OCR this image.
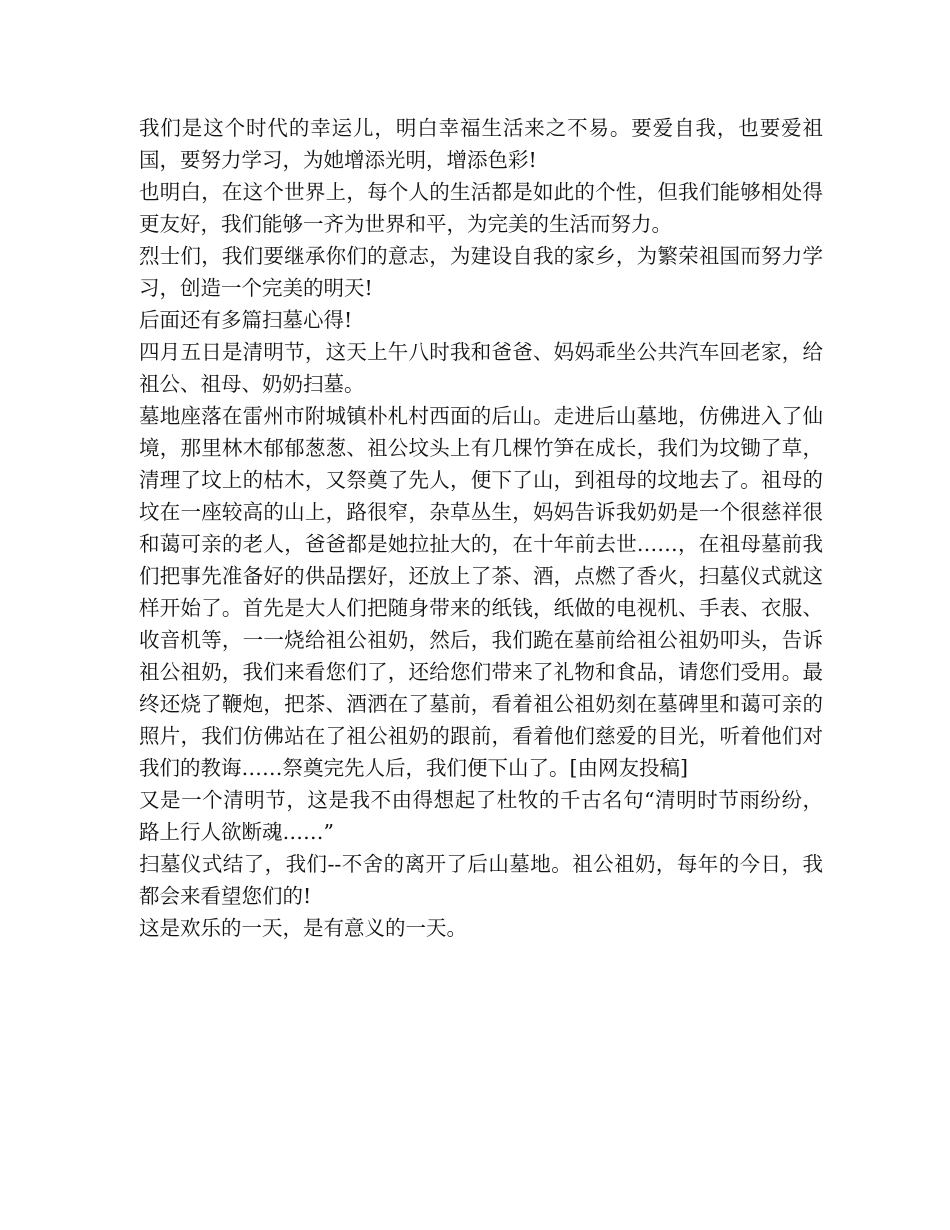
我们是这个时代的幸运儿，明白幸福生活来之不易。要爱自我，也要爱祖国，要努力学习，为她增添光明，增添色彩!

也明白，在这个世界上，每个人的生活都是如此的个性，但我们能够相处得更友好，我们能够一齐为世界和平，为完美的生活而努力。

烈士们，我们要继承你们的意志，为建设自我的家乡，为繁荣祖国而努力学习，创造一个完美的明天!

后面还有多篇扫墓心得!

四月五日是清明节，这天上午八时我和爸爸、妈妈乖坐公共汽车回老家，给祖公、祖母、奶奶扫墓。

墓地座落在雷州市附城镇朴札村西面的后山。走进后山墓地，仿佛进入了仙境，那里林木郁郁葱葱、祖公坟头上有几棵竹笋在成长，我们为坟锄了草，清理了坟上的枯木，又祭奠了先人，便下了山，到祖母的坟地去了。祖母的坟在一座较高的山上，路很窄，杂草丛生，妈妈告诉我奶奶是一个很慈祥很和蔼可亲的老人，爸爸都是她拉扯大的，在十年前去世……，在祖母墓前我们把事先准备好的供品摆好，还放上了茶、酒，点燃了香火，扫墓仪式就这样开始了。首先是大人们把随身带来的纸钱，纸做的电视机、手表、衣服、收音机等，一一烧给祖公祖奶，然后，我们跪在墓前给祖公祖奶叩头，告诉祖公祖奶，我们来看您们了，还给您们带来了礼物和食品，请您们受用。最终还烧了鞭炮，把茶、酒洒在了墓前，看着祖公祖奶刻在墓碑里和蔼可亲的照片，我们仿佛站在了祖公祖奶的跟前，看着他们慈爱的目光，听着他们对我们的教诲……祭奠完先人后，我们便下山了。[由网友投稿]

又是一个清明节，这是我不由得想起了杜牧的千古名句“清明时节雨纷纷，路上行人欲断魂……”

扫墓仪式结了，我们--不舍的离开了后山墓地。祖公祖奶，每年的今日，我都会来看望您们的!

这是欢乐的一天，是有意义的一天。
